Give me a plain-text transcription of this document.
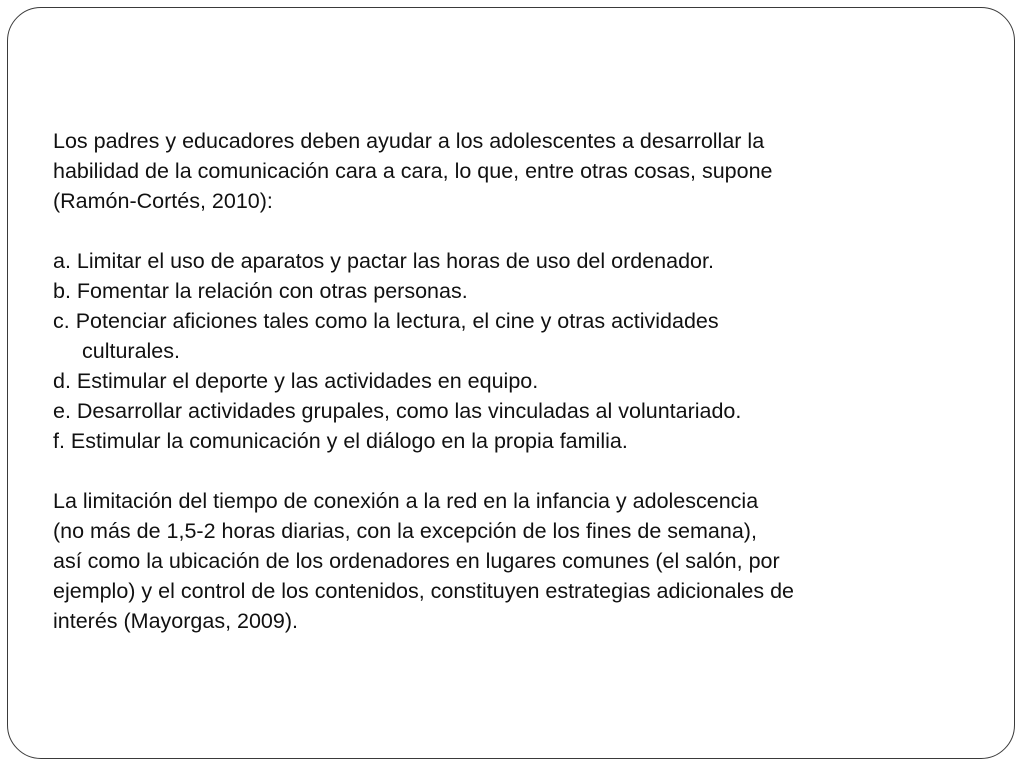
Los padres y educadores deben ayudar a los adolescentes a desarrollar la

habilidad de la comunicación cara a cara, lo que, entre otras cosas, supone

(Ramón-Cortés, 2010):

a. Limitar el uso de aparatos y pactar las horas de uso del ordenador.

b. Fomentar la relación con otras personas.

c. Potenciar aficiones tales como la lectura, el cine y otras actividades
culturales.

d. Estimular el deporte y las actividades en equipo.

e. Desarrollar actividades grupales, como las vinculadas al voluntariado.

f. Estimular la comunicación y el diálogo en la propia familia.

La limitación del tiempo de conexión a la red en la infancia y adolescencia

(no más de 1,5-2 horas diarias, con la excepción de los fines de semana),

así como la ubicación de los ordenadores en lugares comunes (el salón, por

ejemplo) y el control de los contenidos, constituyen estrategias adicionales de

interés (Mayorgas, 2009).
